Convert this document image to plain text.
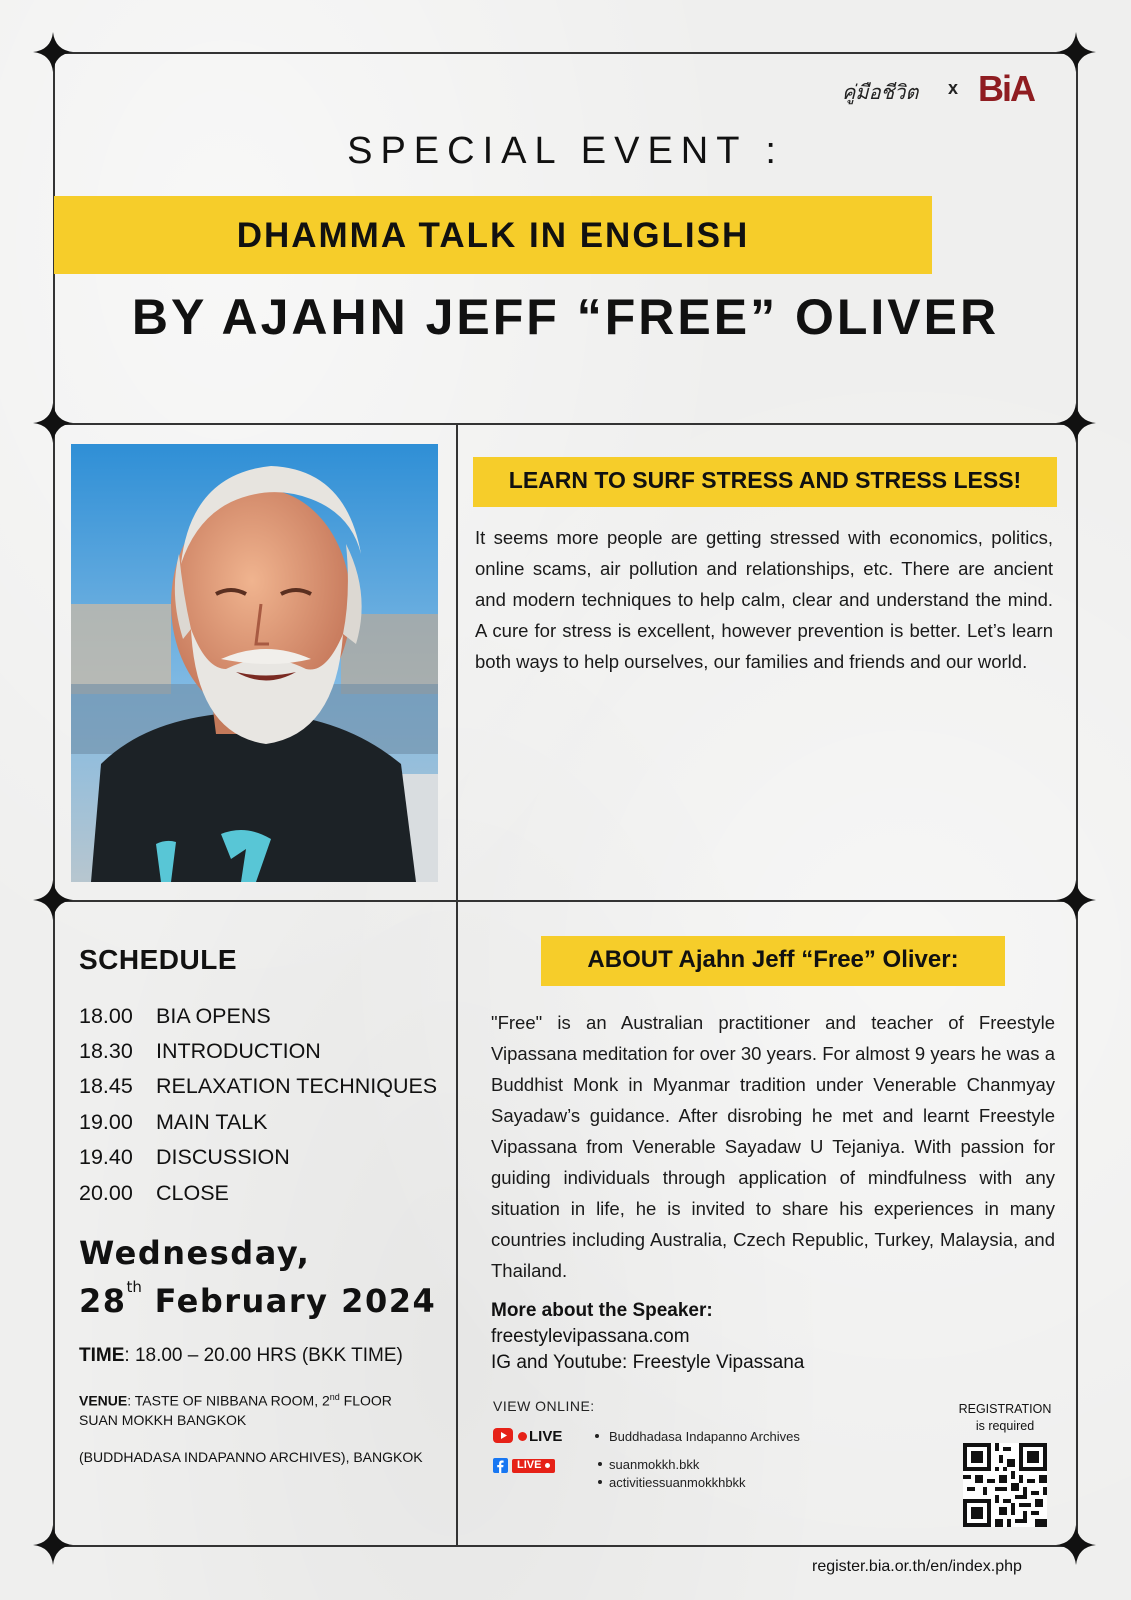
คู่มือชีวิต x BiA
SPECIAL EVENT :
DHAMMA TALK IN ENGLISH
BY AJAHN JEFF “FREE” OLIVER
LEARN TO SURF STRESS AND STRESS LESS!
It seems more people are getting stressed with economics, politics, online scams, air pollution and relationships, etc. There are ancient and modern techniques to help calm, clear and understand the mind. A cure for stress is excellent, however prevention is better. Let’s learn both ways to help ourselves, our families and friends and our world.
SCHEDULE
18.00 BIA OPENS
18.30 INTRODUCTION
18.45 RELAXATION TECHNIQUES
19.00 MAIN TALK
19.40 DISCUSSION
20.00 CLOSE
Wednesday,
28th February 2024
TIME: 18.00 – 20.00 HRS (BKK TIME)
VENUE: TASTE OF NIBBANA ROOM, 2nd FLOOR
SUAN MOKKH BANGKOK
(BUDDHADASA INDAPANNO ARCHIVES), BANGKOK
ABOUT Ajahn Jeff “Free” Oliver:
"Free" is an Australian practitioner and teacher of Freestyle Vipassana meditation for over 30 years. For almost 9 years he was a Buddhist Monk in Myanmar tradition under Venerable Chanmyay Sayadaw’s guidance. After disrobing he met and learnt Freestyle Vipassana from Venerable Sayadaw U Tejaniya. With passion for guiding individuals through application of mindfulness with any situation in life, he is invited to share his experiences in many countries including Australia, Czech Republic, Turkey, Malaysia, and Thailand.
More about the Speaker:
freestylevipassana.com
IG and Youtube: Freestyle Vipassana
VIEW ONLINE:
LIVE	Buddhadasa Indapanno Archives
LIVE	suanmokkh.bkk
activitiessuanmokkhbkk
REGISTRATION
is required
register.bia.or.th/en/index.php
